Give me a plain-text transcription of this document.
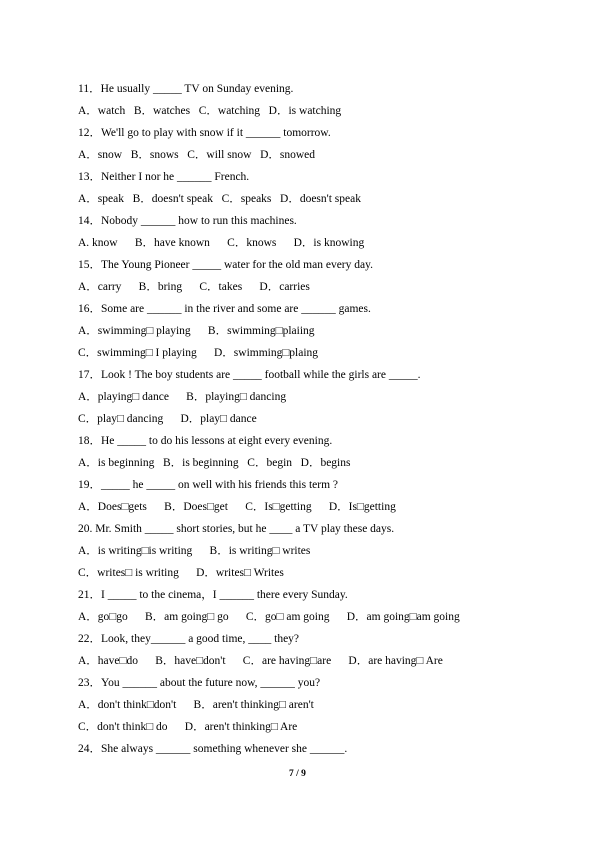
11．He usually _____ TV on Sunday evening.
A．watch   B．watches   C．watching   D．is watching
12．We'll go to play with snow if it ______ tomorrow.
A．snow   B．snows   C．will snow   D．snowed
13．Neither I nor he ______ French.
A．speak   B．doesn't speak   C．speaks   D．doesn't speak
14．Nobody ______ how to run this machines.
A. know      B．have known      C．knows      D．is knowing
15．The Young Pioneer _____ water for the old man every day.
A．carry      B．bring      C．takes      D．carries
16．Some are ______ in the river and some are ______ games.
A．swimming□ playing      B．swimming□plaiing
C．swimming□ I playing      D．swimming□plaing
17．Look ! The boy students are _____ football while the girls are _____.
A．playing□ dance      B．playing□ dancing
C．play□ dancing      D．play□ dance
18．He _____ to do his lessons at eight every evening.
A．is beginning   B．is beginning   C．begin   D．begins
19．_____ he _____ on well with his friends this term ?
A．Does□gets      B．Does□get      C．Is□getting      D．Is□getting
20. Mr. Smith _____ short stories, but he ____ a TV play these days.
A．is writing□is writing      B．is writing□ writes
C．writes□ is writing      D．writes□ Writes
21．I _____ to the cinema，I ______ there every Sunday.
A．go□go      B．am going□ go      C．go□ am going      D．am going□am going
22．Look, they______ a good time, ____ they?
A．have□do      B．have□don't      C．are having□are      D．are having□ Are
23．You ______ about the future now, ______ you?
A．don't think□don't      B．aren't thinking□ aren't
C．don't think□ do      D．aren't thinking□ Are
24．She always ______ something whenever she ______.
7 / 9
